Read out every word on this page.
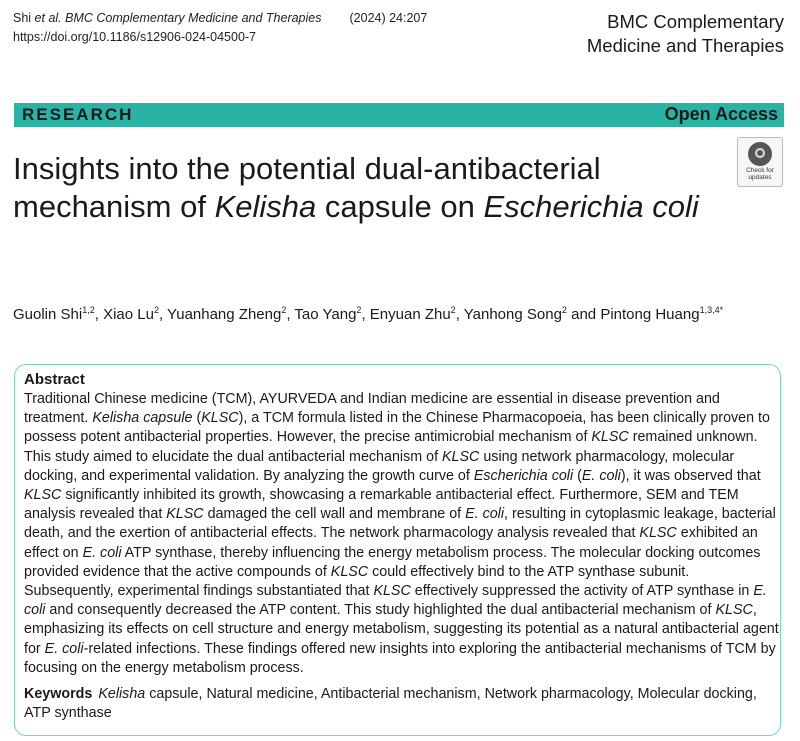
Shi et al. BMC Complementary Medicine and Therapies (2024) 24:207
https://doi.org/10.1186/s12906-024-04500-7
BMC Complementary
Medicine and Therapies
RESEARCH	Open Access
Check for
updates
Insights into the potential dual-antibacterial mechanism of Kelisha capsule on Escherichia coli
Guolin Shi$^{1,2}$, Xiao Lu$^2$, Yuanhang Zheng$^2$, Tao Yang$^2$, Enyuan Zhu$^2$, Yanhong Song$^2$ and Pintong Huang$^{1,3,4*}$
Abstract
Traditional Chinese medicine (TCM), AYURVEDA and Indian medicine are essential in disease prevention and treatment. Kelisha capsule (KLSC), a TCM formula listed in the Chinese Pharmacopoeia, has been clinically proven to possess potent antibacterial properties. However, the precise antimicrobial mechanism of KLSC remained unknown. This study aimed to elucidate the dual antibacterial mechanism of KLSC using network pharmacology, molecular docking, and experimental validation. By analyzing the growth curve of Escherichia coli (E. coli), it was observed that KLSC significantly inhibited its growth, showcasing a remarkable antibacterial effect. Furthermore, SEM and TEM analysis revealed that KLSC damaged the cell wall and membrane of E. coli, resulting in cytoplasmic leakage, bacterial death, and the exertion of antibacterial effects. The network pharmacology analysis revealed that KLSC exhibited an effect on E. coli ATP synthase, thereby influencing the energy metabolism process. The molecular docking outcomes provided evidence that the active compounds of KLSC could effectively bind to the ATP synthase subunit. Subsequently, experimental findings substantiated that KLSC effectively suppressed the activity of ATP synthase in E. coli and consequently decreased the ATP content. This study highlighted the dual antibacterial mechanism of KLSC, emphasizing its effects on cell structure and energy metabolism, suggesting its potential as a natural antibacterial agent for E. coli-related infections. These findings offered new insights into exploring the antibacterial mechanisms of TCM by focusing on the energy metabolism process.
Keywords Kelisha capsule, Natural medicine, Antibacterial mechanism, Network pharmacology, Molecular docking, ATP synthase
